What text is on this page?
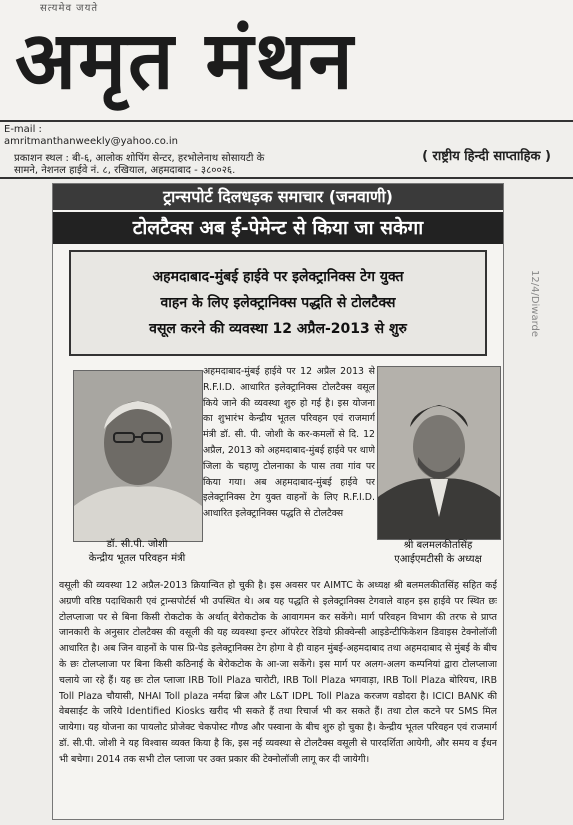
सत्यमेव जयते
अमृत मंथन
E-mail :
amritmanthanweekly@yahoo.co.in
प्रकाशन स्थल : बी-६, आलोक शोपिंग सेन्टर, हरभोलेनाथ सोसायटी के
सामने, नेशनल हाईवे नं. ८, रखियाल, अहमदाबाद - ३८००२६.
( राष्ट्रीय हिन्दी साप्ताहिक )
ट्रान्सपोर्ट दिलधड़क समाचार (जनवाणी)
टोलटैक्स अब ई-पेमेन्ट से किया जा सकेगा
अहमदाबाद-मुंबई हाईवे पर इलेक्ट्रानिक्स टेग युक्त
वाहन के लिए इलेक्ट्रानिक्स पद्धति से टोलटैक्स
वसूल करने की व्यवस्था 12 अप्रैल-2013 से शुरु
डॉ. सी.पी. जोशी
केन्द्रीय भूतल परिवहन मंत्री
अहमदाबाद-मुंबई हाईवे पर 12 अप्रैल 2013 से R.F.I.D. आधारित इलेक्ट्रानिक्स टोलटैक्स वसूल किये जाने की व्यवस्था शुरु हो गई है। इस योजना का शुभारंभ केन्द्रीय भूतल परिवहन एवं राजमार्ग मंत्री डॉ. सी. पी. जोशी के कर-कमलों से दि. 12 अप्रैल, 2013 को अहमदाबाद-मुंबई हाईवे पर थाणे जिला के चहाणु टोलनाका के पास तवा गांव पर किया गया। अब अहमदाबाद-मुंबई हाईवे पर इलेक्ट्रानिक्स टेग युक्त वाहनों के लिए R.F.I.D. आधारित इलेक्ट्रानिक्स पद्धति से टोलटैक्स
श्री बलमलकीतसिंह
एआईएमटीसी के अध्यक्ष
वसूली की व्यवस्था 12 अप्रैल-2013 क्रियान्वित हो चुकी है। इस अवसर पर AIMTC के अध्यक्ष श्री बलमलकीतसिंह सहित कई अग्रणी वरिष्ठ पदाधिकारी एवं ट्रान्सपोर्टर्स भी उपस्थित थे। अब यह पद्धति से इलेक्ट्रानिक्स टेगवाले वाहन इस हाईवे पर स्थित छः टोलप्लाजा पर से बिना किसी रोकटोक के अर्थात् बेरोकटोक के आवागमन कर सकेंगे। मार्ग परिवहन विभाग की तरफ से प्राप्त जानकारी के अनुसार टोलटैक्स की वसूली की यह व्यवस्था इन्टर ऑपरेटर रेडियो फ्रीक्वेन्सी आइडेन्टीफिकेशन डिवाइस टेक्नोलॉजी आधारित है। अब जिन वाहनों के पास प्रि-पेड इलेक्ट्रानिक्स टेग होगा वे ही वाहन मुंबई-अहमदाबाद तथा अहमदाबाद से मुंबई के बीच के छः टोलप्लाजा पर बिना किसी कठिनाई के बेरोकटोक के आ-जा सकेंगे। इस मार्ग पर अलग-अलग कम्पनियां द्वारा टोलप्लाजा चलाये जा रहे हैं। यह छः टोल प्लाजा IRB Toll Plaza चारोटी, IRB Toll Plaza भगवाड़ा, IRB Toll Plaza बोरियच, IRB Toll Plaza चौयासी, NHAI Toll plaza नर्मदा ब्रिज और L&T IDPL Toll Plaza करजण वडोदरा है। ICICI BANK की वेबसाईट के जरिये Identified Kiosks खरीद भी सकते हैं तथा रिचार्ज भी कर सकते हैं। तथा टोल कटने पर SMS मिल जायेगा। यह योजना का पायलोट प्रोजेक्ट चेकपोस्ट गौण्ड और पस्वाना के बीच शुरु हो चुका है। केन्द्रीय भूतल परिवहन एवं राजमार्ग डॉ. सी.पी. जोशी ने यह विश्वास व्यक्त किया है कि, इस नई व्यवस्था से टोलटैक्स वसूली से पारदर्शिता आयेगी, और समय व ईंधन भी बचेगा। 2014 तक सभी टोल प्लाजा पर उक्त प्रकार की टेक्नोलॉजी लागू कर दी जायेगी।
12/4/Diwarde
